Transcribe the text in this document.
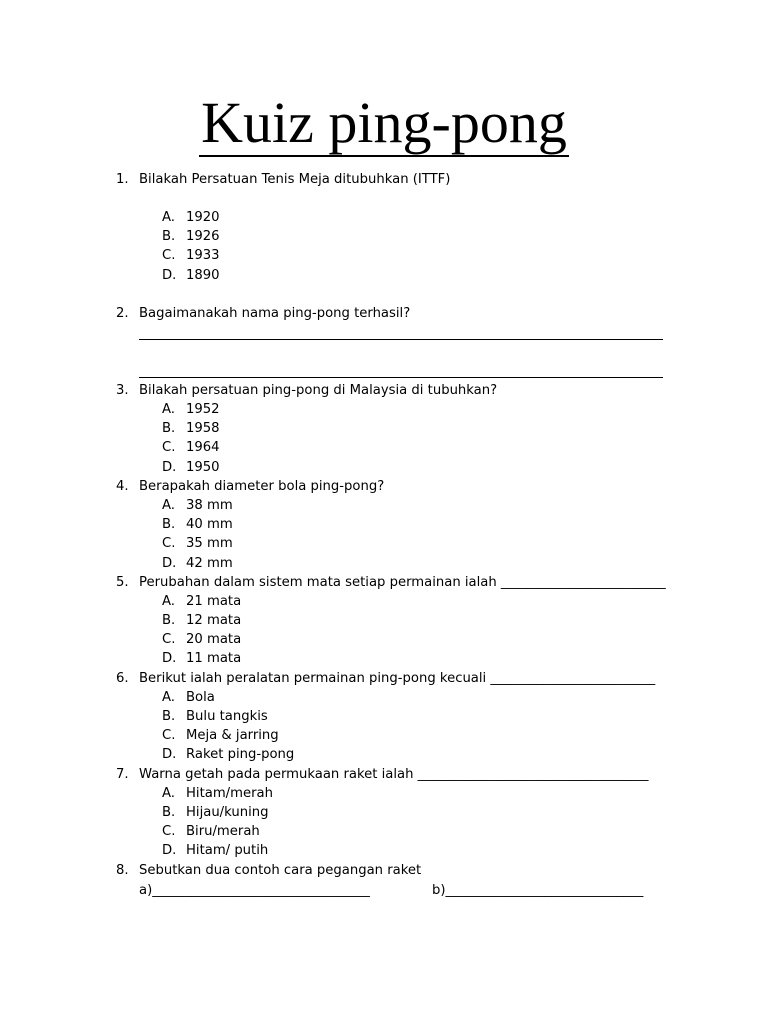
Kuiz ping-pong
1. Bilakah Persatuan Tenis Meja ditubuhkan (ITTF)
A. 1920
B. 1926
C. 1933
D. 1890
2. Bagaimanakah nama ping-pong terhasil?
3. Bilakah persatuan ping-pong di Malaysia di tubuhkan?
A. 1952
B. 1958
C. 1964
D. 1950
4. Berapakah diameter bola ping-pong?
A. 38 mm
B. 40 mm
C. 35 mm
D. 42 mm
5. Perubahan dalam sistem mata setiap permainan ialah _________________________
A. 21 mata
B. 12 mata
C. 20 mata
D. 11 mata
6. Berikut ialah peralatan permainan ping-pong kecuali _________________________
A. Bola
B. Bulu tangkis
C. Meja & jarring
D. Raket ping-pong
7. Warna getah pada permukaan raket ialah ___________________________________
A. Hitam/merah
B. Hijau/kuning
C. Biru/merah
D. Hitam/ putih
8. Sebutkan dua contoh cara pegangan raket
a)_________________________________	b)______________________________
